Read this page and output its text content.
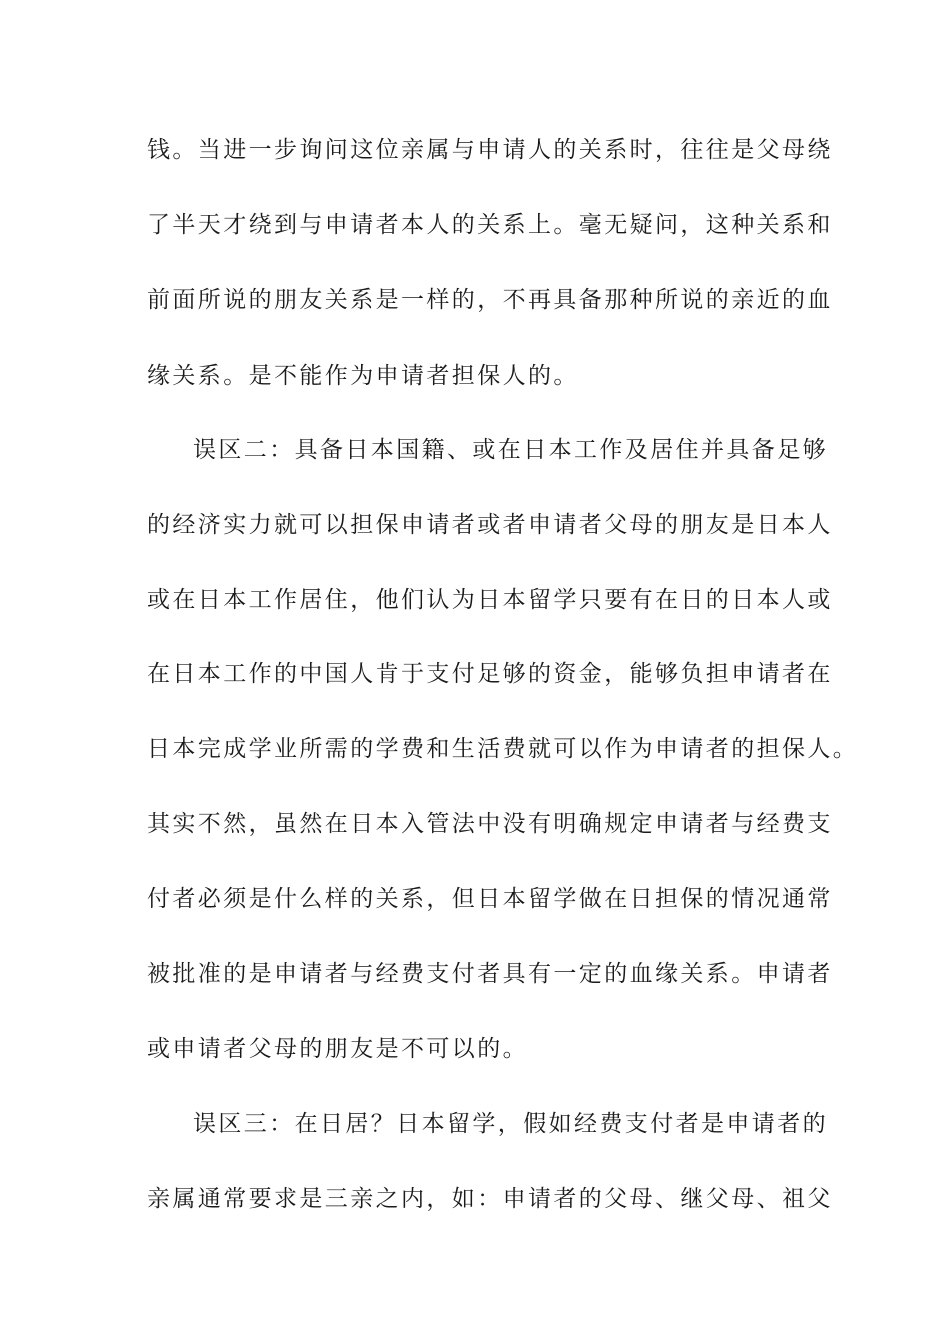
钱。当进一步询问这位亲属与申请人的关系时，往往是父母绕
了半天才绕到与申请者本人的关系上。毫无疑问，这种关系和
前面所说的朋友关系是一样的，不再具备那种所说的亲近的血
缘关系。是不能作为申请者担保人的。
误区二：具备日本国籍、或在日本工作及居住并具备足够
的经济实力就可以担保申请者或者申请者父母的朋友是日本人
或在日本工作居住，他们认为日本留学只要有在日的日本人或
在日本工作的中国人肯于支付足够的资金，能够负担申请者在
日本完成学业所需的学费和生活费就可以作为申请者的担保人。
其实不然，虽然在日本入管法中没有明确规定申请者与经费支
付者必须是什么样的关系，但日本留学做在日担保的情况通常
被批准的是申请者与经费支付者具有一定的血缘关系。申请者
或申请者父母的朋友是不可以的。
误区三：在日居？日本留学，假如经费支付者是申请者的
亲属通常要求是三亲之内，如：申请者的父母、继父母、祖父
